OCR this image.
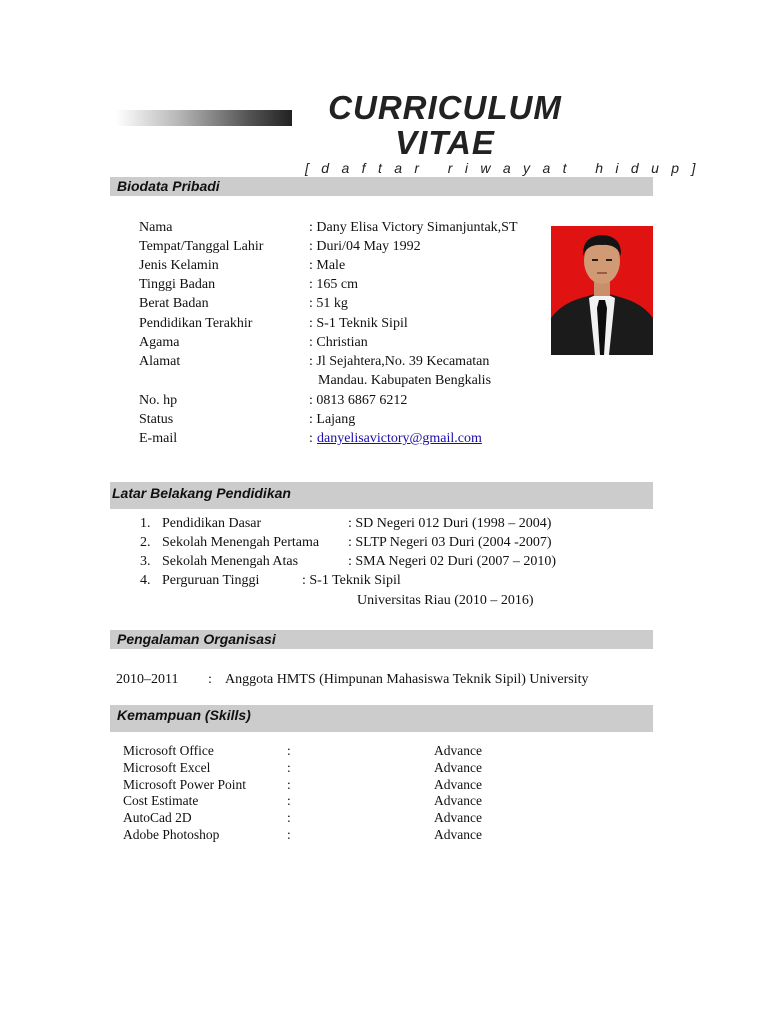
CURRICULUM
VITAE
[daftar riwayat hidup]
Biodata Pribadi
Nama	: Dany Elisa Victory Simanjuntak,ST
Tempat/Tanggal Lahir	: Duri/04 May 1992
Jenis Kelamin	: Male
Tinggi Badan	: 165 cm
Berat Badan	: 51 kg
Pendidikan Terakhir	: S-1 Teknik Sipil
Agama	: Christian
Alamat	: Jl Sejahtera,No. 39 Kecamatan
Mandau. Kabupaten Bengkalis
No. hp	: 0813 6867 6212
Status	: Lajang
E-mail	: danyelisavictory@gmail.com
Latar Belakang Pendidikan
1. Pendidikan Dasar	: SD Negeri 012 Duri (1998 – 2004)
2. Sekolah Menengah Pertama : SLTP Negeri 03 Duri (2004 -2007)
3. Sekolah Menengah Atas	: SMA Negeri 02 Duri (2007 – 2010)
4. Perguruan Tinggi	: S-1 Teknik Sipil
Universitas Riau (2010 – 2016)
Pengalaman Organisasi
2010–2011 : Anggota HMTS (Himpunan Mahasiswa Teknik Sipil) University
Kemampuan (Skills)
Microsoft Office	:	Advance
Microsoft Excel	:	Advance
Microsoft Power Point	:	Advance
Cost Estimate	:	Advance
AutoCad 2D	:	Advance
Adobe Photoshop	:	Advance
